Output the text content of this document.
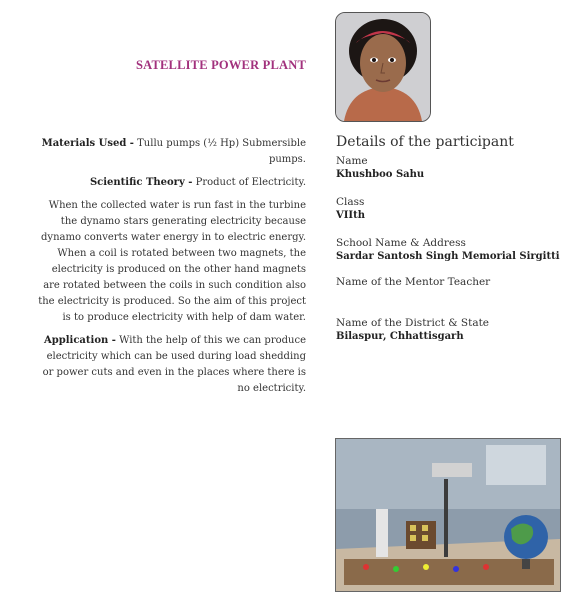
SATELLITE POWER PLANT

Materials Used - Tullu pumps (½ Hp) Submersible pumps.

Scientific Theory - Product of Electricity.

When the collected water is run fast in the turbine the dynamo stars generating electricity because dynamo converts water energy in to electric energy. When a coil is rotated between two magnets, the electricity is produced on the other hand magnets are rotated between the coils in such condition also the electricity is produced. So the aim of this project is to produce electricity with help of dam water.

Application - With the help of this we can produce electricity which can be used during load shedding or power cuts and even in the places where there is no electricity.

Details of the participant
Name
Khushboo Sahu
Class
VIIth
School Name & Address
Sardar Santosh Singh Memorial Sirgitti
Name of the Mentor Teacher
Name of the District & State
Bilaspur, Chhattisgarh
